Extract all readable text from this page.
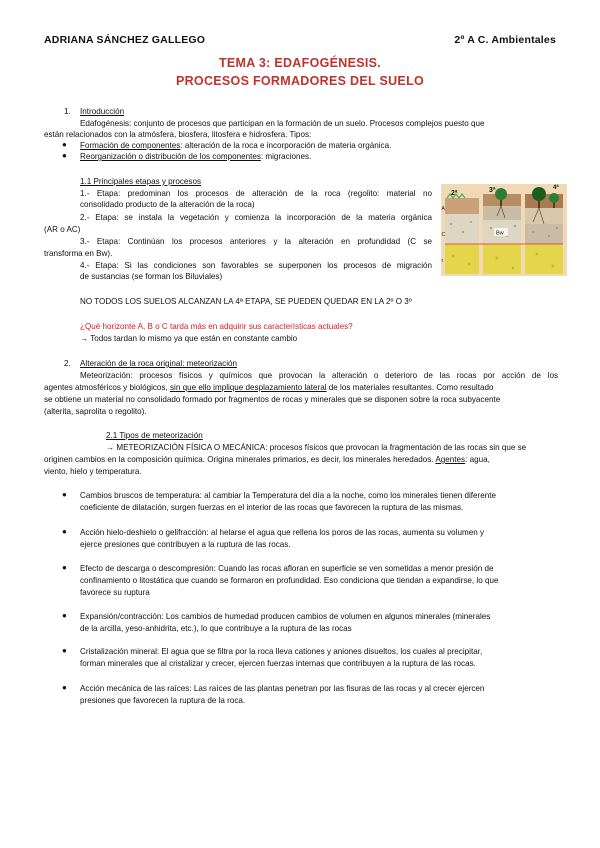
ADRIANA SÁNCHEZ GALLEGO	2º A C. Ambientales
TEMA 3: EDAFOGÉNESIS.
PROCESOS FORMADORES DEL SUELO
1. Introducción
Edafogénesis: conjunto de procesos que participan en la formación de un suelo. Procesos complejos puesto que
están relacionados con la atmósfera, biosfera, litosfera e hidrosfera. Tipos:
● Formación de componentes: alteración de la roca e incorporación de materia orgánica.
● Reorganización o distribución de los componentes: migraciones.
1.1 Principales etapas y procesos
1.- Etapa: predominan los procesos de alteración de la roca (regolito: material no
consolidado producto de la alteración de la roca)
2.- Etapa: se instala la vegetación y comienza la incorporación de la materia orgánica
(AR o AC)
3.- Etapa: Continúan los procesos anteriores y la alteración en profundidad (C se
transforma en Bw).
4.- Etapa: Si las condiciones son favorables se superponen los procesos de migración
de sustancias (se forman los Biluviales)
NO TODOS LOS SUELOS ALCANZAN LA 4ª ETAPA, SE PUEDEN QUEDAR EN LA 2º O 3º
¿Qué horizonte A, B o C tarda más en adquirir sus características actuales?
→ Todos tardan lo mismo ya que están en constante cambio
2ª	3ª	4ª
A
C
r
Bw
2. Alteración de la roca original: meteorización
Meteorización: procesos físicos y químicos que provocan la alteración o deterioro de las rocas por acción de los
agentes atmosféricos y biológicos, sin que ello implique desplazamiento lateral de los materiales resultantes. Como resultado
se obtiene un material no consolidado formado por fragmentos de rocas y minerales que se disponen sobre la roca subyacente
(alterita, saprolita o regolito).
2.1 Tipos de meteorización
→ METEORIZACIÓN FÍSICA O MECÁNICA: procesos físicos que provocan la fragmentación de las rocas sin que se
originen cambios en la composición química. Origina minerales primarios, es decir, los minerales heredados. Agentes: agua,
viento, hielo y temperatura.
● Cambios bruscos de temperatura: al cambiar la Temperatura del día a la noche, como los minerales tienen diferente
coeficiente de dilatación, surgen fuerzas en el interior de las rocas que favorecen la ruptura de las mismas.
● Acción hielo-deshielo o gelifracción: al helarse el agua que rellena los poros de las rocas, aumenta su volumen y
ejerce presiones que contribuyen a la ruptura de las rocas.
● Efecto de descarga o descompresión: Cuando las rocas afloran en superficie se ven sometidas a menor presión de
confinamiento o litostática que cuando se formaron en profundidad. Eso condiciona que tiendan a expandirse, lo que
favorece su ruptura
● Expansión/contracción: Los cambios de humedad producen cambios de volumen en algunos minerales (minerales
de la arcilla, yeso-anhidrita, etc.), lo que contribuye a la ruptura de las rocas
● Cristalización mineral: El agua que se filtra por la roca lleva cationes y aniones disueltos, los cuales al precipitar,
forman minerales que al cristalizar y crecer, ejercen fuerzas internas que contribuyen a la ruptura de las rocas.
● Acción mecánica de las raíces: Las raíces de las plantas penetran por las fisuras de las rocas y al crecer ejercen
presiones que favorecen la ruptura de la roca.
